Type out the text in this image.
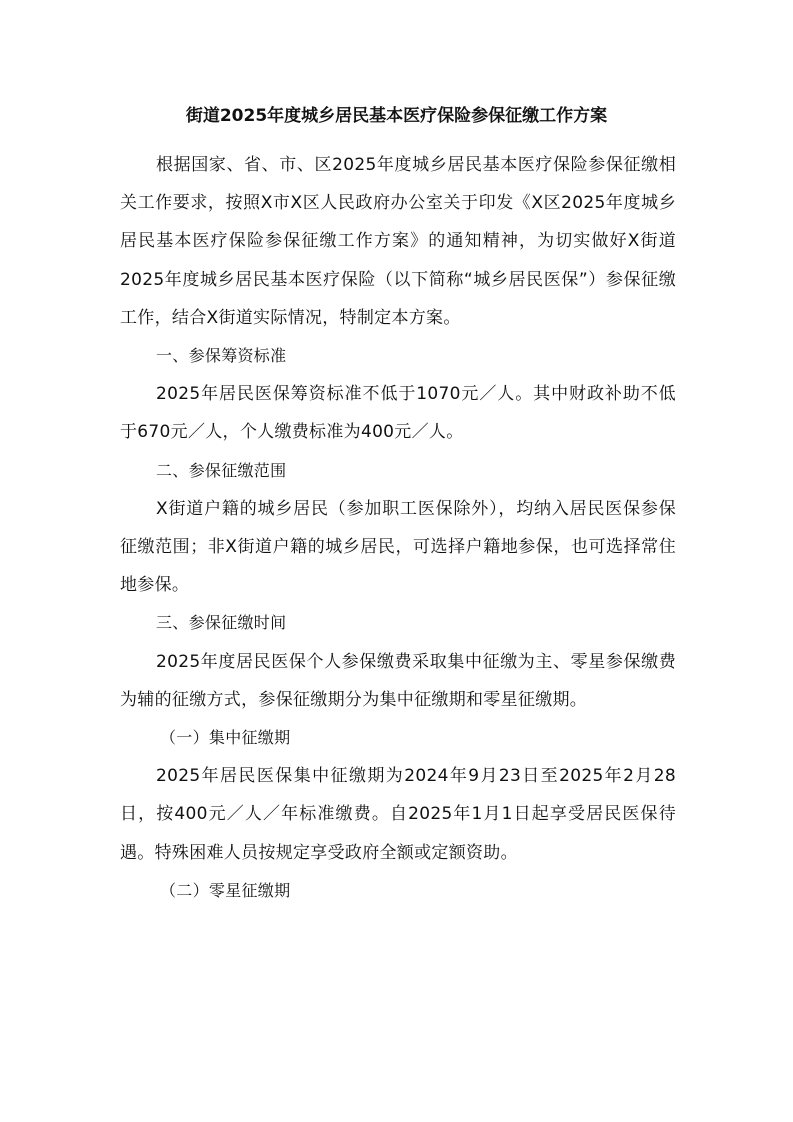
街道2025年度城乡居民基本医疗保险参保征缴工作方案

根据国家、省、市、区2025年度城乡居民基本医疗保险参保征缴相关工作要求，按照X市X区人民政府办公室关于印发《X区2025年度城乡居民基本医疗保险参保征缴工作方案》的通知精神，为切实做好X街道2025年度城乡居民基本医疗保险（以下简称“城乡居民医保”）参保征缴工作，结合X街道实际情况，特制定本方案。

一、参保筹资标准

2025年居民医保筹资标准不低于1070元／人。其中财政补助不低于670元／人，个人缴费标准为400元／人。

二、参保征缴范围

X街道户籍的城乡居民（参加职工医保除外），均纳入居民医保参保征缴范围；非X街道户籍的城乡居民，可选择户籍地参保，也可选择常住地参保。

三、参保征缴时间

2025年度居民医保个人参保缴费采取集中征缴为主、零星参保缴费为辅的征缴方式，参保征缴期分为集中征缴期和零星征缴期。

（一）集中征缴期

2025年居民医保集中征缴期为2024年9月23日至2025年2月28日，按400元／人／年标准缴费。自2025年1月1日起享受居民医保待遇。特殊困难人员按规定享受政府全额或定额资助。

（二）零星征缴期
